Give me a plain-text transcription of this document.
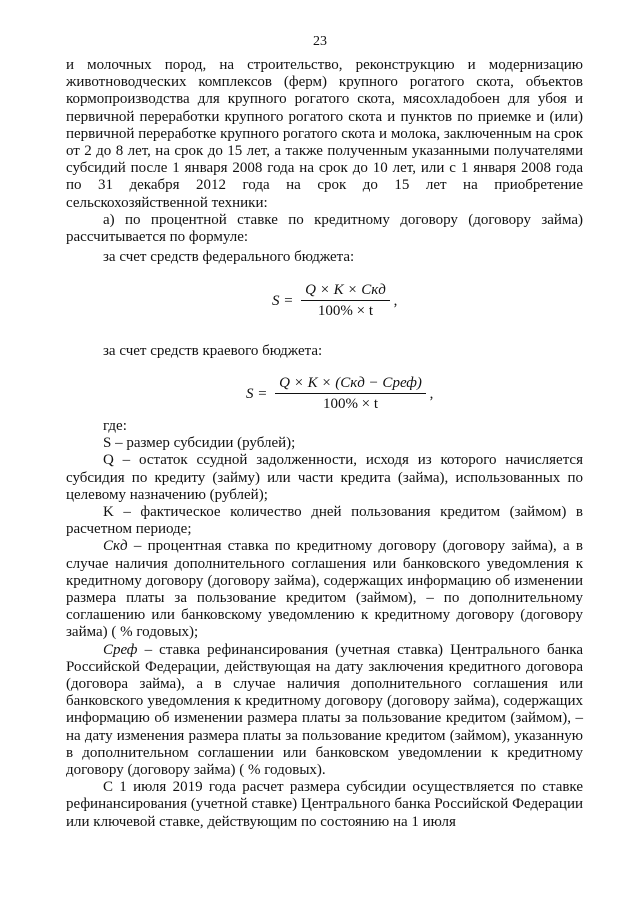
23

и молочных пород, на строительство, реконструкцию и модернизацию животноводческих комплексов (ферм) крупного рогатого скота, объектов кормопроизводства для крупного рогатого скота, мясохладобоен для убоя и первичной переработки крупного рогатого скота и пунктов по приемке и (или) первичной переработке крупного рогатого скота и молока, заключенным на срок от 2 до 8 лет, на срок до 15 лет, а также полученным указанными получателями субсидий после 1 января 2008 года на срок до 10 лет, или с 1 января 2008 года по 31 декабря 2012 года на срок до 15 лет на приобретение сельскохозяйственной техники:

а) по процентной ставке по кредитному договору (договору займа) рассчитывается по формуле:

за счет средств федерального бюджета:
$S = \frac{\text{Q × K × Cкд}}{100\% \times t}$ ,
за счет средств краевого бюджета:
$S = \frac{\text{Q × K × (Cкд − Cреф)}}{100\% \times t}$ ,

где:

S – размер субсидии (рублей);

Q – остаток ссудной задолженности, исходя из которого начисляется субсидия по кредиту (займу) или части кредита (займа), использованных по целевому назначению (рублей);

K – фактическое количество дней пользования кредитом (займом) в расчетном периоде;

Cкд – процентная ставка по кредитному договору (договору займа), а в случае наличия дополнительного соглашения или банковского уведомления к кредитному договору (договору займа), содержащих информацию об изменении размера платы за пользование кредитом (займом), – по дополнительному соглашению или банковскому уведомлению к кредитному договору (договору займа) ( % годовых);

Cреф – ставка рефинансирования (учетная ставка) Центрального банка Российской Федерации, действующая на дату заключения кредитного договора (договора займа), а в случае наличия дополнительного соглашения или банковского уведомления к кредитному договору (договору займа), содержащих информацию об изменении размера платы за пользование кредитом (займом), – на дату изменения размера платы за пользование кредитом (займом), указанную в дополнительном соглашении или банковском уведомлении к кредитному договору (договору займа) ( % годовых).

С 1 июля 2019 года расчет размера субсидии осуществляется по ставке рефинансирования (учетной ставке) Центрального банка Российской Федерации или ключевой ставке, действующим по состоянию на 1 июля
